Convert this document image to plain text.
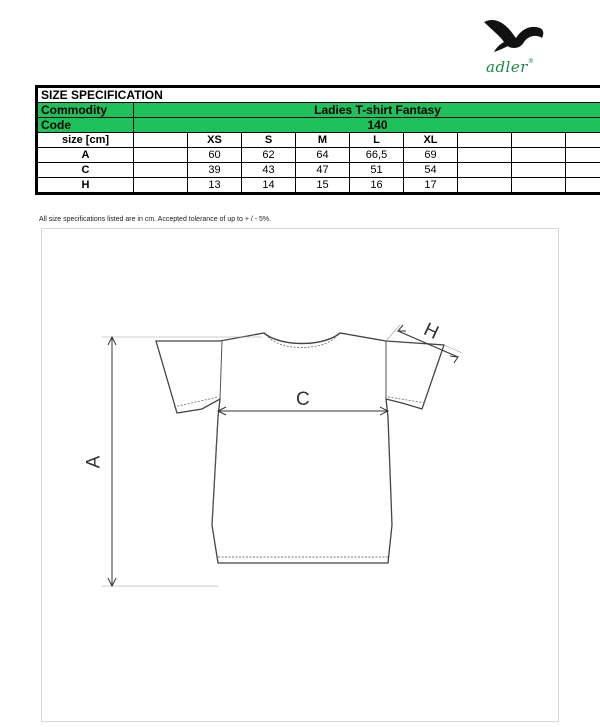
adler®
SIZE SPECIFICATION									
Commodity	Ladies T-shirt Fantasy								
Code	140								
size [cm]		XS	S	M	L	XL			
A		60	62	64	66,5	69			
C		39	43	47	51	54			
H		13	14	15	16	17			
All size specifications listed are in cm. Accepted tolerance of up to + / - 5%.
A
C
H
